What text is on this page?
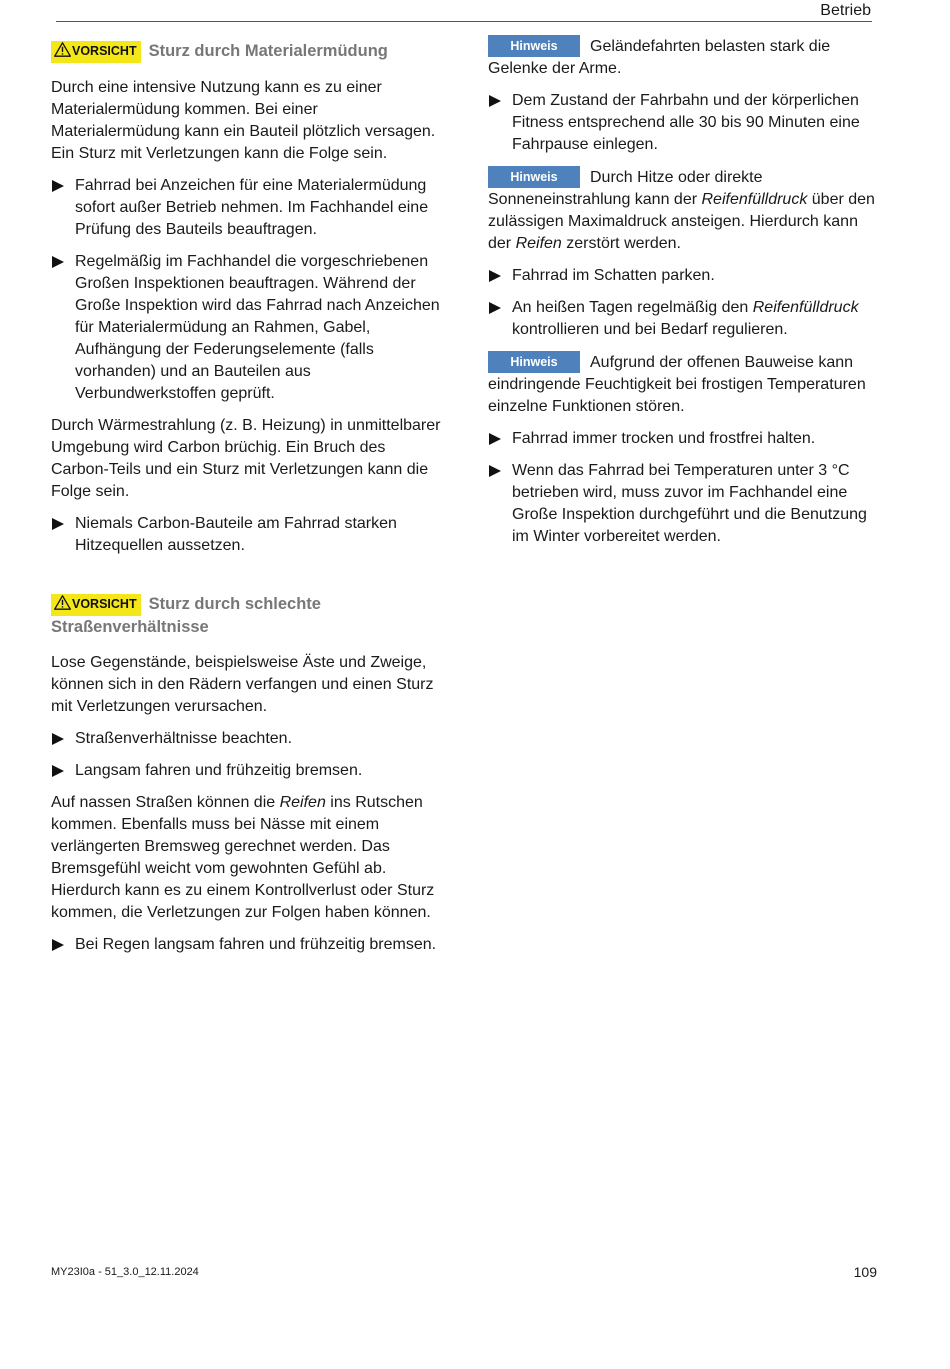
Betrieb
VORSICHT Sturz durch Materialermüdung

Durch eine intensive Nutzung kann es zu einer Materialermüdung kommen. Bei einer Materialermüdung kann ein Bauteil plötzlich versagen. Ein Sturz mit Verletzungen kann die Folge sein.

Fahrrad bei Anzeichen für eine Materialermüdung sofort außer Betrieb nehmen. Im Fachhandel eine Prüfung des Bauteils beauftragen.
Regelmäßig im Fachhandel die vorgeschriebenen Großen Inspektionen beauftragen. Während der Große Inspektion wird das Fahrrad nach Anzeichen für Materialermüdung an Rahmen, Gabel, Aufhängung der Federungselemente (falls vorhanden) und an Bauteilen aus Verbundwerkstoffen geprüft.

Durch Wärmestrahlung (z. B. Heizung) in unmittelbarer Umgebung wird Carbon brüchig. Ein Bruch des Carbon-Teils und ein Sturz mit Verletzungen kann die Folge sein.

Niemals Carbon-Bauteile am Fahrrad starken Hitzequellen aussetzen.
VORSICHT Sturz durch schlechte Straßenverhältnisse

Lose Gegenstände, beispielsweise Äste und Zweige, können sich in den Rädern verfangen und einen Sturz mit Verletzungen verursachen.

Straßenverhältnisse beachten.
Langsam fahren und frühzeitig bremsen.

Auf nassen Straßen können die Reifen ins Rutschen kommen. Ebenfalls muss bei Nässe mit einem verlängerten Bremsweg gerechnet werden. Das Bremsgefühl weicht vom gewohnten Gefühl ab. Hierdurch kann es zu einem Kontrollverlust oder Sturz kommen, die Verletzungen zur Folgen haben können.

Bei Regen langsam fahren und frühzeitig bremsen.

Hinweis Geländefahrten belasten stark die Gelenke der Arme.

Dem Zustand der Fahrbahn und der körperlichen Fitness entsprechend alle 30 bis 90 Minuten eine Fahrpause einlegen.

Hinweis Durch Hitze oder direkte Sonneneinstrahlung kann der Reifenfülldruck über den zulässigen Maximaldruck ansteigen. Hierdurch kann der Reifen zerstört werden.

Fahrrad im Schatten parken.
An heißen Tagen regelmäßig den Reifenfülldruck kontrollieren und bei Bedarf regulieren.

Hinweis Aufgrund der offenen Bauweise kann eindringende Feuchtigkeit bei frostigen Temperaturen einzelne Funktionen stören.

Fahrrad immer trocken und frostfrei halten.
Wenn das Fahrrad bei Temperaturen unter 3 °C betrieben wird, muss zuvor im Fachhandel eine Große Inspektion durchgeführt und die Benutzung im Winter vorbereitet werden.
MY23I0a - 51_3.0_12.11.2024	109
